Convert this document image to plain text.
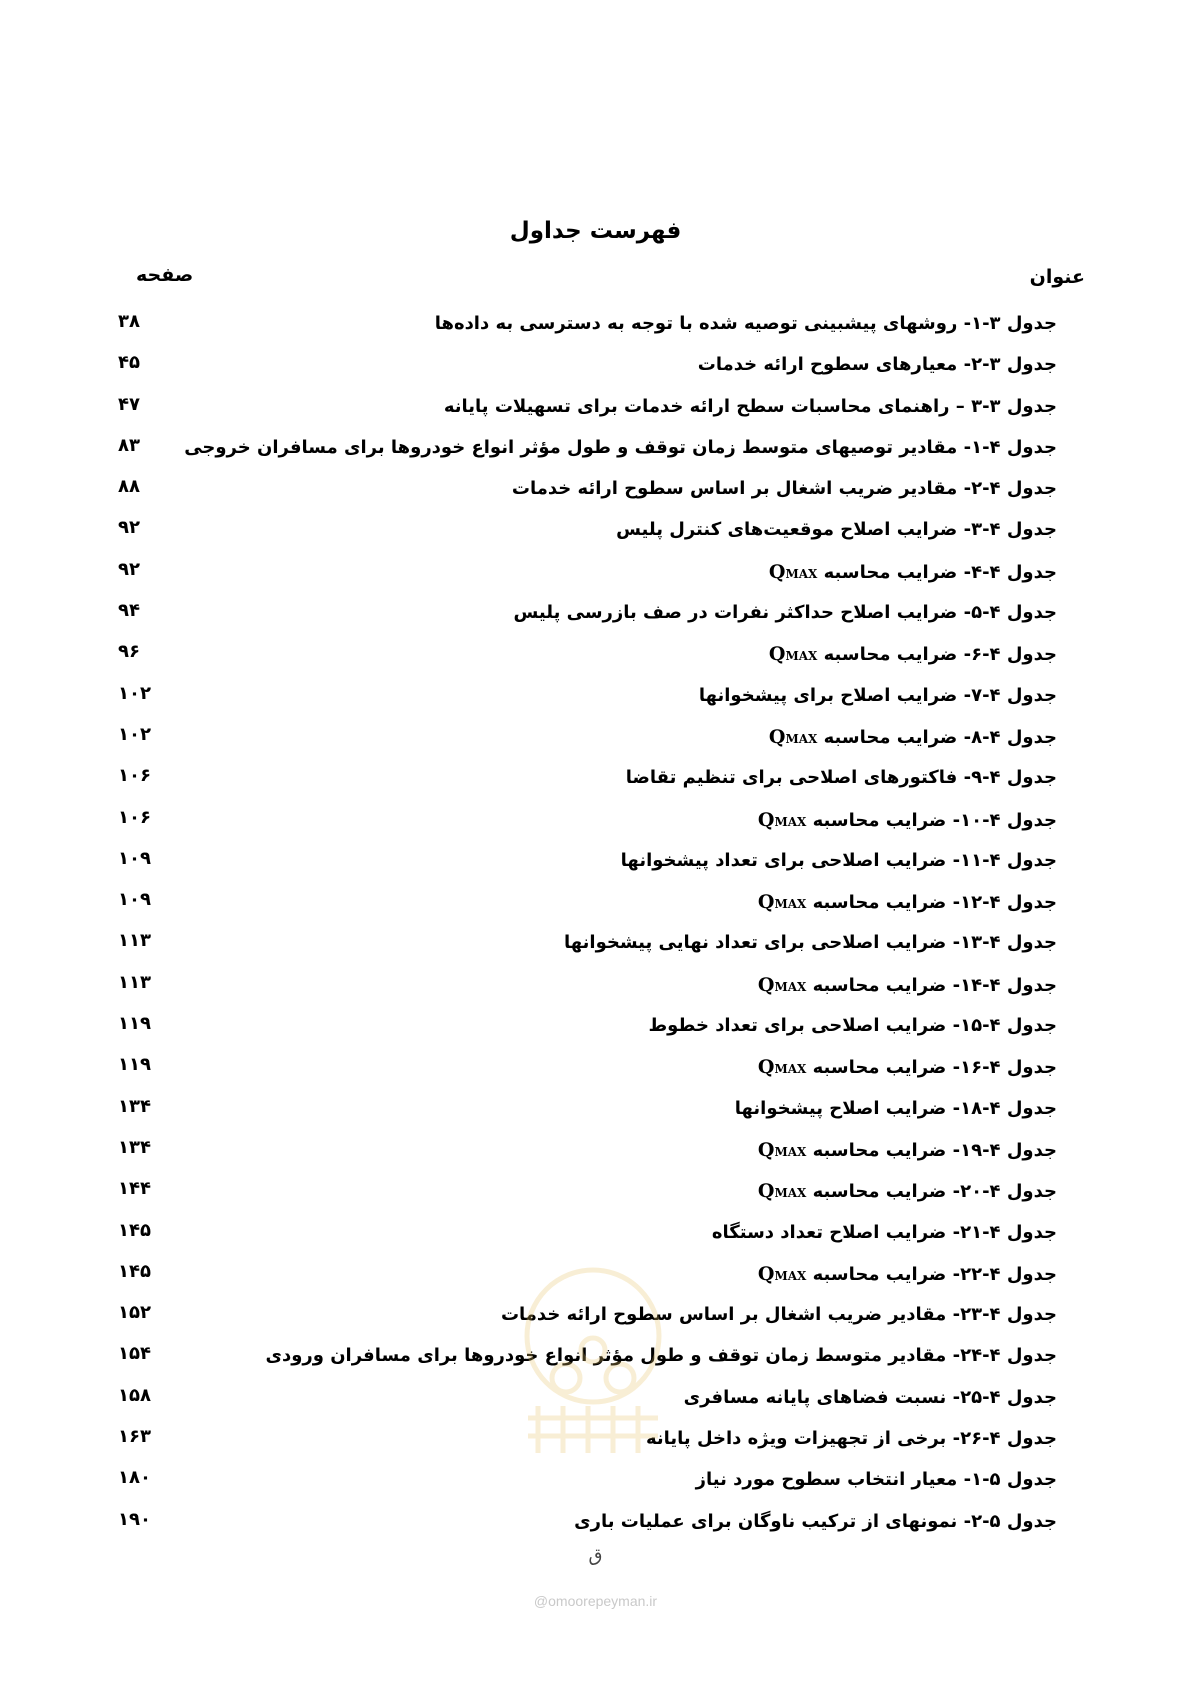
فهرست جداول
عنوان
صفحه
جدول ۳-۱- روشهای پیشبینی توصیه شده با توجه به دسترسی به داده‌ها
۳۸
جدول ۳-۲- معیارهای سطوح ارائه خدمات
۴۵
جدول ۳-۳ – راهنمای محاسبات سطح ارائه خدمات برای تسهیلات پایانه
۴۷
جدول ۴-۱- مقادیر توصیهای متوسط زمان توقف و طول مؤثر انواع خودروها برای مسافران خروجی
۸۳
جدول ۴-۲- مقادیر ضریب اشغال بر اساس سطوح ارائه خدمات
۸۸
جدول ۴-۳- ضرایب اصلاح موقعیت‌های کنترل پلیس
۹۲
جدول ۴-۴- ضرایب محاسبه QMAX
۹۲
جدول ۴-۵- ضرایب اصلاح حداکثر نفرات در صف بازرسی پلیس
۹۴
جدول ۴-۶- ضرایب محاسبه QMAX
۹۶
جدول ۴-۷- ضرایب اصلاح برای پیشخوانها
۱۰۲
جدول ۴-۸- ضرایب محاسبه QMAX
۱۰۲
جدول ۴-۹- فاکتورهای اصلاحی برای تنظیم تقاضا
۱۰۶
جدول ۴-۱۰- ضرایب محاسبه QMAX
۱۰۶
جدول ۴-۱۱- ضرایب اصلاحی برای تعداد پیشخوانها
۱۰۹
جدول ۴-۱۲- ضرایب محاسبه QMAX
۱۰۹
جدول ۴-۱۳- ضرایب اصلاحی برای تعداد نهایی پیشخوانها
۱۱۳
جدول ۴-۱۴- ضرایب محاسبه QMAX
۱۱۳
جدول ۴-۱۵- ضرایب اصلاحی برای تعداد خطوط
۱۱۹
جدول ۴-۱۶- ضرایب محاسبه QMAX
۱۱۹
جدول ۴-۱۸- ضرایب اصلاح پیشخوانها
۱۳۴
جدول ۴-۱۹- ضرایب محاسبه QMAX
۱۳۴
جدول ۴-۲۰- ضرایب محاسبه QMAX
۱۴۴
جدول ۴-۲۱- ضرایب اصلاح تعداد دستگاه
۱۴۵
جدول ۴-۲۲- ضرایب محاسبه QMAX
۱۴۵
جدول ۴-۲۳- مقادیر ضریب اشغال بر اساس سطوح ارائه خدمات
۱۵۲
جدول ۴-۲۴- مقادیر متوسط زمان توقف و طول مؤثر انواع خودروها برای مسافران ورودی
۱۵۴
جدول ۴-۲۵- نسبت فضاهای پایانه مسافری
۱۵۸
جدول ۴-۲۶- برخی از تجهیزات ویژه داخل پایانه
۱۶۳
جدول ۵-۱- معیار انتخاب سطوح مورد نیاز
۱۸۰
جدول ۵-۲- نمونهای از ترکیب ناوگان برای عملیات باری
۱۹۰
ق
@omoorepeyman.ir
